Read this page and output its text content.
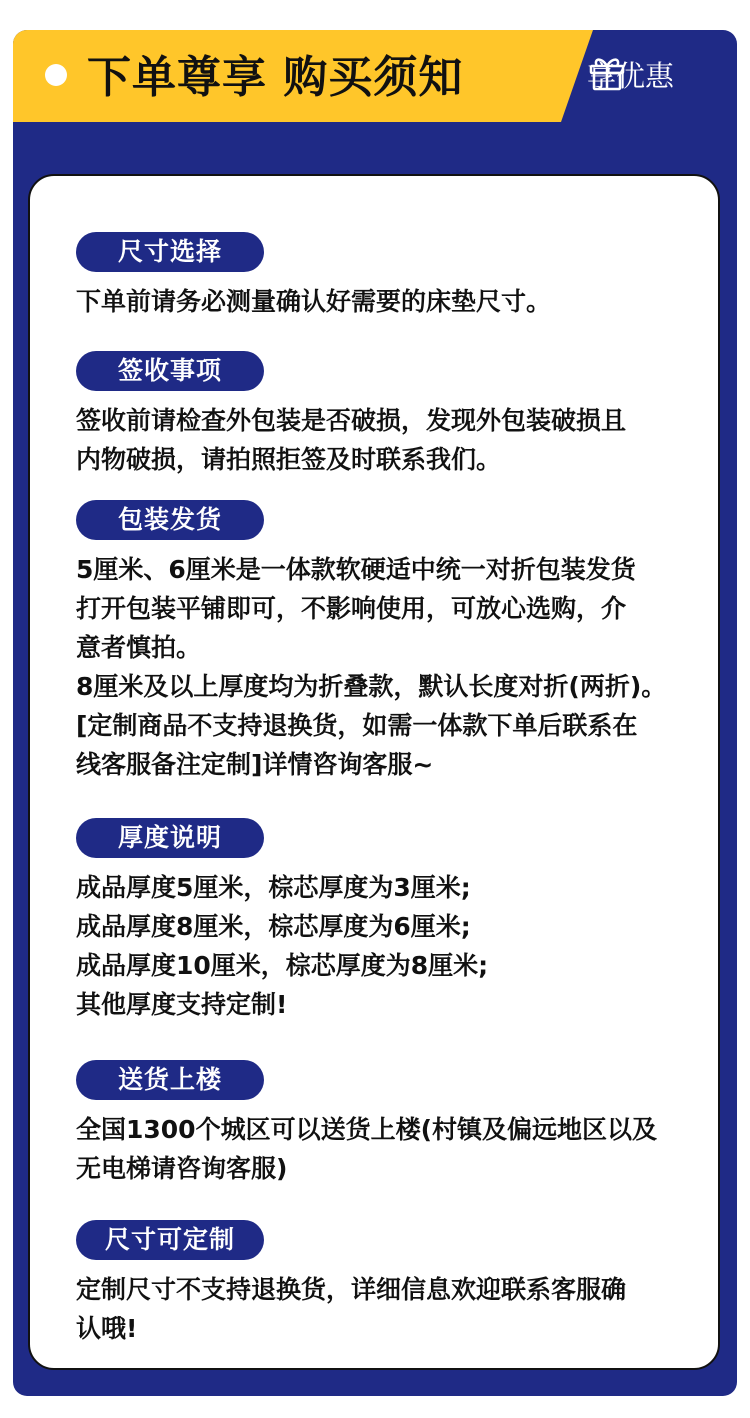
下单尊享 购买须知	享优惠
尺寸选择
下单前请务必测量确认好需要的床垫尺寸。
签收事项
签收前请检查外包装是否破损，发现外包装破损且
内物破损，请拍照拒签及时联系我们。
包装发货
5厘米、6厘米是一体款软硬适中统一对折包装发货
打开包装平铺即可，不影响使用，可放心选购，介
意者慎拍。
8厘米及以上厚度均为折叠款，默认长度对折(两折)。
[定制商品不支持退换货，如需一体款下单后联系在
线客服备注定制]详情咨询客服~
厚度说明
成品厚度5厘米，棕芯厚度为3厘米;
成品厚度8厘米，棕芯厚度为6厘米;
成品厚度10厘米，棕芯厚度为8厘米;
其他厚度支持定制!
送货上楼
全国1300个城区可以送货上楼(村镇及偏远地区以及
无电梯请咨询客服)
尺寸可定制
定制尺寸不支持退换货，详细信息欢迎联系客服确
认哦!
